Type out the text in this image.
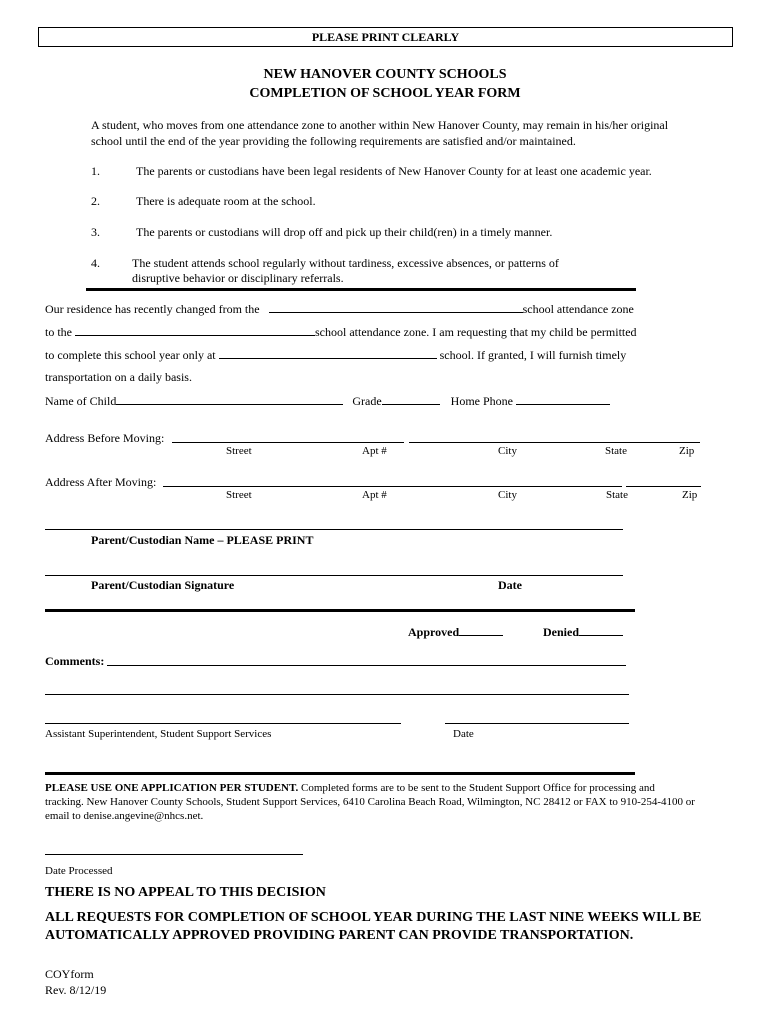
PLEASE PRINT CLEARLY
NEW HANOVER COUNTY SCHOOLS
COMPLETION OF SCHOOL YEAR FORM
A student, who moves from one attendance zone to another within New Hanover County, may remain in his/her original
school until the end of the year providing the following requirements are satisfied and/or maintained.
1.	The parents or custodians have been legal residents of New Hanover County for at least one academic year.
2.	There is adequate room at the school.
3.	The parents or custodians will drop off and pick up their child(ren) in a timely manner.
4.	The student attends school regularly without tardiness, excessive absences, or patterns of
disruptive behavior or disciplinary referrals.
Our residence has recently changed from the	school attendance zone
to the	school attendance zone. I am requesting that my child be permitted
to complete this school year only at	school. If granted, I will furnish timely
transportation on a daily basis.
Name of Child	Grade	Home Phone
Address Before Moving:
Street	Apt #	City	State	Zip
Address After Moving:
Street	Apt #	City	State	Zip
Parent/Custodian Name – PLEASE PRINT
Parent/Custodian Signature	Date
Approved	Denied
Comments:
Assistant Superintendent, Student Support Services	Date
PLEASE USE ONE APPLICATION PER STUDENT. Completed forms are to be sent to the Student Support Office for processing and
tracking. New Hanover County Schools, Student Support Services, 6410 Carolina Beach Road, Wilmington, NC 28412 or FAX to 910-254-4100 or
email to denise.angevine@nhcs.net.
Date Processed
THERE IS NO APPEAL TO THIS DECISION
ALL REQUESTS FOR COMPLETION OF SCHOOL YEAR DURING THE LAST NINE WEEKS WILL BE
AUTOMATICALLY APPROVED PROVIDING PARENT CAN PROVIDE TRANSPORTATION.
COYform
Rev. 8/12/19
